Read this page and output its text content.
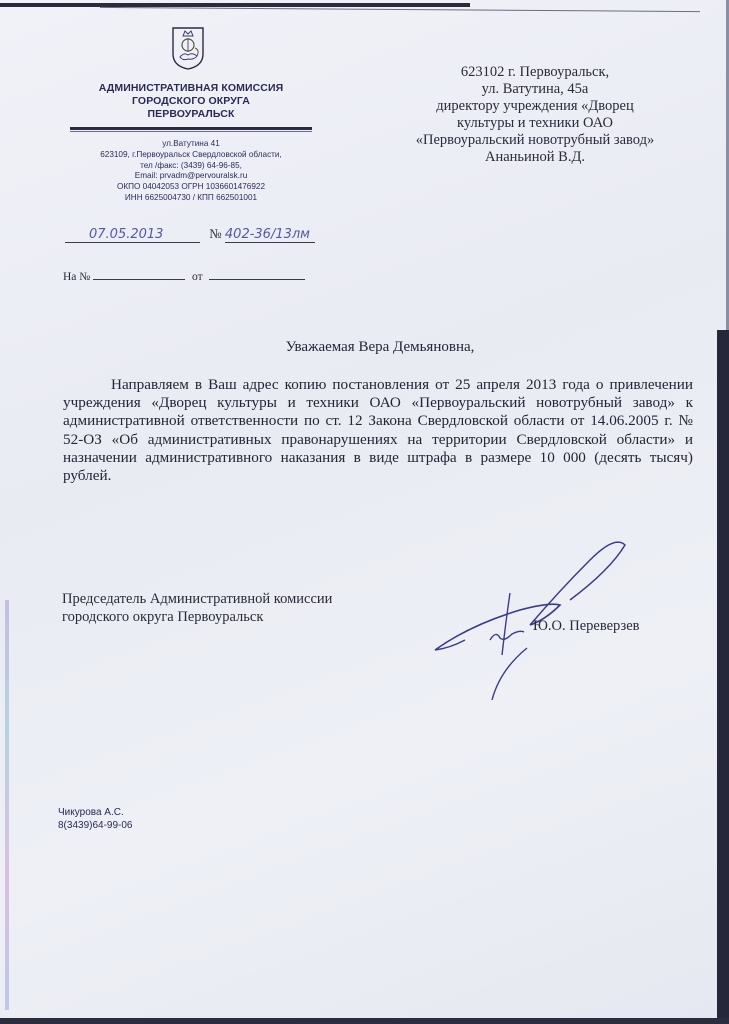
АДМИНИСТРАТИВНАЯ КОМИССИЯ
ГОРОДСКОГО ОКРУГА
ПЕРВОУРАЛЬСК
ул.Ватутина 41
623109, г.Первоуральск Свердловской области,
тел /факс: (3439) 64-96-85,
Email: prvadm@pervouralsk.ru
ОКПО 04042053 ОГРН 1036601476922
ИНН 6625004730 / КПП 662501001
623102 г. Первоуральск,
ул. Ватутина, 45а
директору учреждения «Дворец
культуры и техники ОАО
«Первоуральский новотрубный завод»
Ананьиной В.Д.
07.05.2013	№ 402-36/13лм
На №	от
Уважаемая Вера Демьяновна,
Направляем в Ваш адрес копию постановления от 25 апреля 2013 года о привлечении учреждения «Дворец культуры и техники ОАО «Первоуральский новотрубный завод» к административной ответственности по ст. 12 Закона Свердловской области от 14.06.2005 г. № 52-ОЗ «Об административных правонарушениях на территории Свердловской области» и назначении административного наказания в виде штрафа в размере 10 000 (десять тысяч) рублей.
Председатель Административной комиссии
городского округа Первоуральск
Ю.О. Переверзев
Чикурова А.С.
8(3439)64-99-06
